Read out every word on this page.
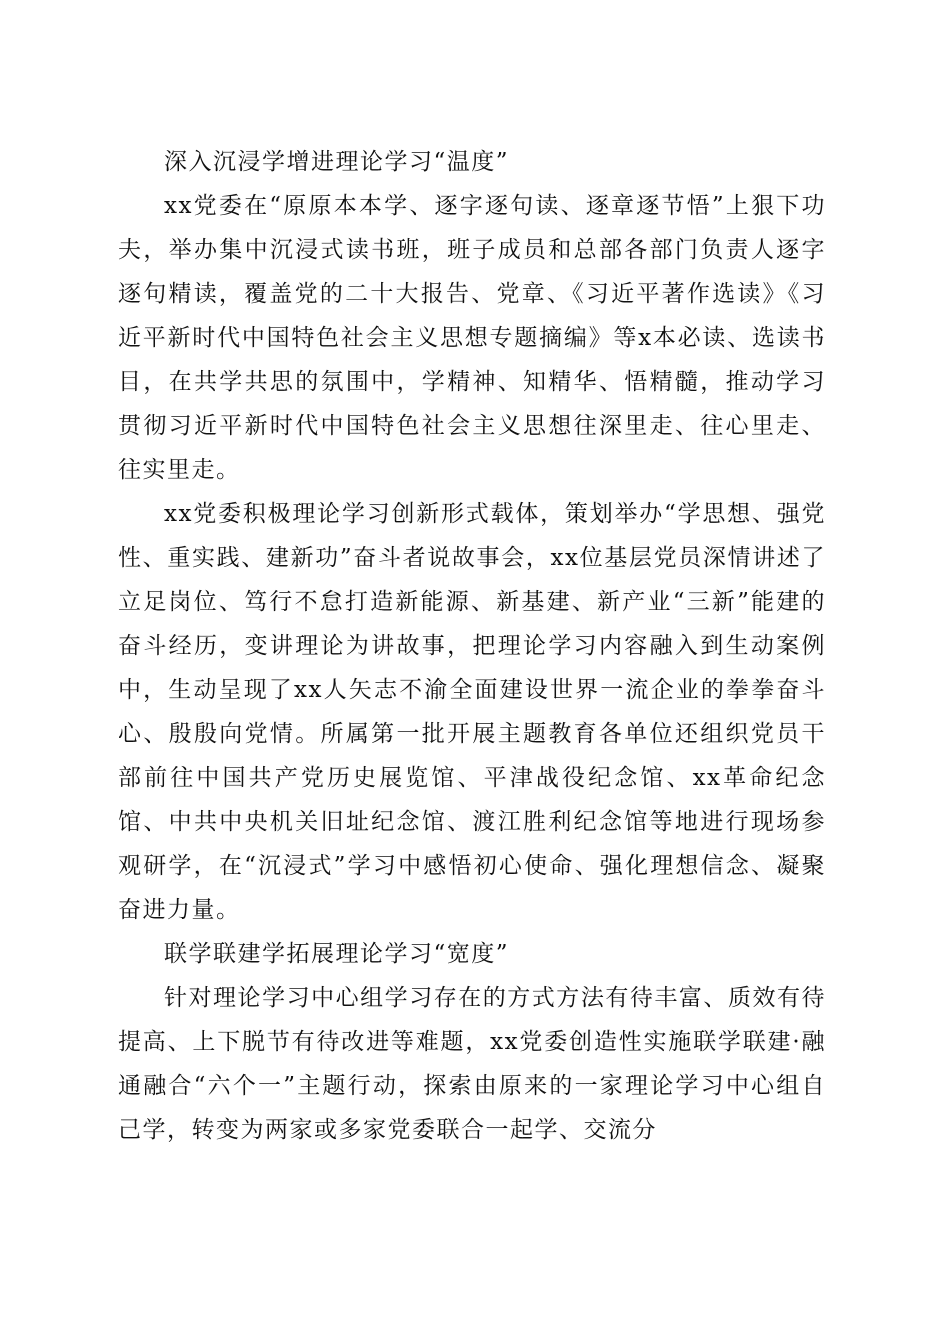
深入沉浸学增进理论学习“温度”

xx党委在“原原本本学、逐字逐句读、逐章逐节悟”上狠下功夫，举办集中沉浸式读书班，班子成员和总部各部门负责人逐字逐句精读，覆盖党的二十大报告、党章、《习近平著作选读》《习近平新时代中国特色社会主义思想专题摘编》等x本必读、选读书目，在共学共思的氛围中，学精神、知精华、悟精髓，推动学习贯彻习近平新时代中国特色社会主义思想往深里走、往心里走、往实里走。

xx党委积极理论学习创新形式载体，策划举办“学思想、强党性、重实践、建新功”奋斗者说故事会，xx位基层党员深情讲述了立足岗位、笃行不怠打造新能源、新基建、新产业“三新”能建的奋斗经历，变讲理论为讲故事，把理论学习内容融入到生动案例中，生动呈现了xx人矢志不渝全面建设世界一流企业的拳拳奋斗心、殷殷向党情。所属第一批开展主题教育各单位还组织党员干部前往中国共产党历史展览馆、平津战役纪念馆、xx革命纪念馆、中共中央机关旧址纪念馆、渡江胜利纪念馆等地进行现场参观研学，在“沉浸式”学习中感悟初心使命、强化理想信念、凝聚奋进力量。

联学联建学拓展理论学习“宽度”

针对理论学习中心组学习存在的方式方法有待丰富、质效有待提高、上下脱节有待改进等难题，xx党委创造性实施联学联建·融通融合“六个一”主题行动，探索由原来的一家理论学习中心组自己学，转变为两家或多家党委联合一起学、交流分
